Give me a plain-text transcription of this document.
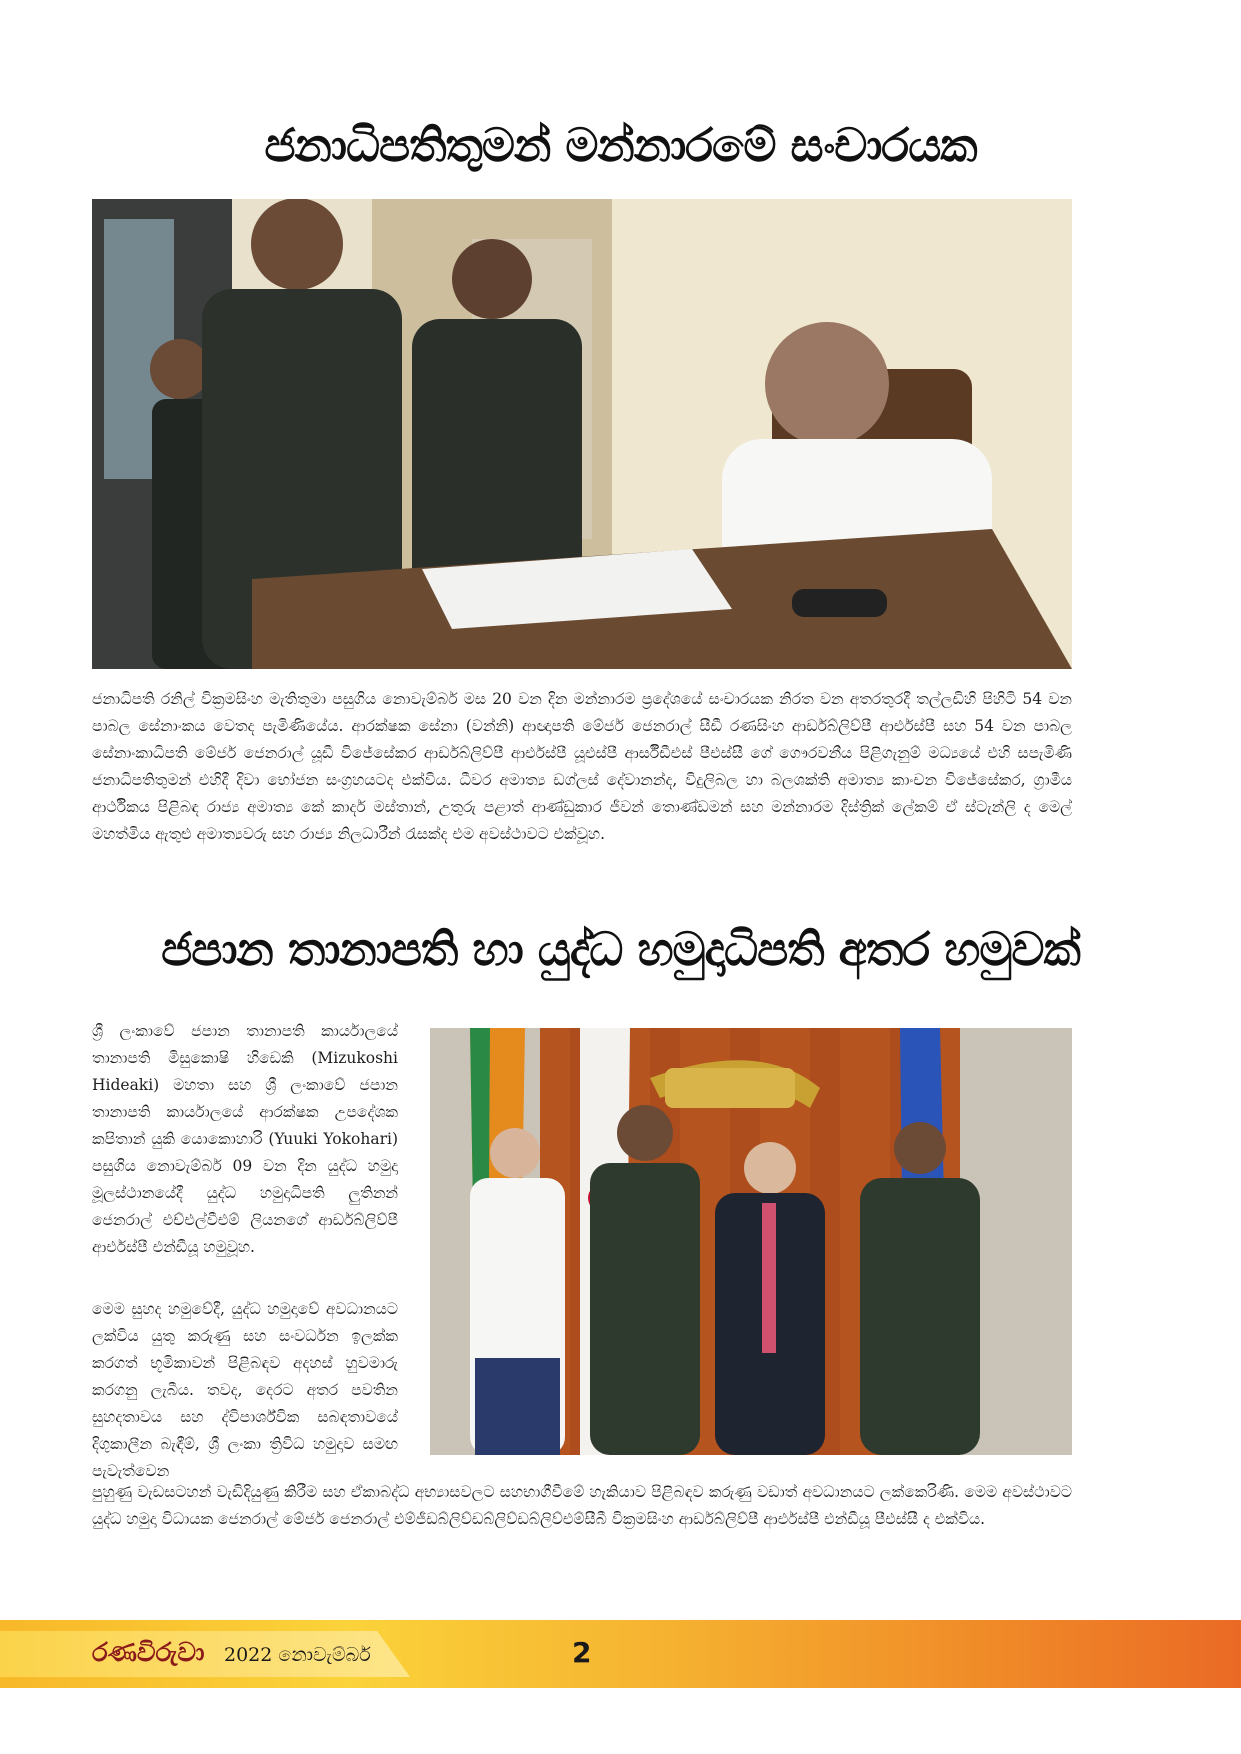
ජනාධිපතිතුමන් මන්නාරමේ සංචාරයක

ජනාධිපති රනිල් වික්‍රමසිංහ මැතිතුමා පසුගිය නොවැම්බර් මස 20 වන දින මන්නාරම ප්‍රදේශයේ සංචාරයක නිරත වන අතරතුරදී තල්ලඩිහි පිහිටි 54 වන පාබල සේනාංකය වෙතද පැමිණියේය. ආරක්ෂක සේනා (වන්නි) ආඥාපති මේජර් ජෙනරාල් සීඩී රණසිංහ ආර්ඩබ්ලිව්පී ආර්එස්පී සහ 54 වන පාබල සේනාංකාධිපති මේජර් ජෙනරාල් යූඩී විජේසේකර ආර්ඩබ්ලිව්පී ආර්එස්පී යූඑස්පී ආර්සීඩීඑස් පීඑස්සී ගේ ගෞරවනීය පිළිගැනුම් මධ්‍යයේ එහි සපැමිණි ජනාධිපතිතුමන් එහිදී දිවා භෝජන සංග්‍රහයටද එක්විය. ධීවර අමාත්‍ය ඩග්ලස් දේවානන්ද, විදුලිබල හා බලශක්ති අමාත්‍ය කාංචන විජේසේකර, ග්‍රාමීය ආර්ථිකය පිළිබඳ රාජ්‍ය අමාත්‍ය කේ කාදර් මස්තාන්, උතුරු පළාත් ආණ්ඩුකාර ජීවන් තොණ්ඩමන් සහ මන්නාරම දිස්ත්‍රික් ලේකම් ඒ ස්ටැන්ලි ද මෙල් මහත්මිය ඇතුළු අමාත්‍යවරු සහ රාජ්‍ය නිලධාරීන් රැසක්ද එම අවස්ථාවට එක්වූහ.

ජපාන තානාපති හා යුද්ධ හමුදාධිපති අතර හමුවක්

ශ්‍රී ලංකාවේ ජපාන තානාපති කාර්යාලයේ තානාපති මිසුකොෂි හිඩෙකි (Mizukoshi Hideaki) මහතා සහ ශ්‍රී ලංකාවේ ජපාන තානාපති කාර්යාලයේ ආරක්ෂක උපදේශක කපිතාන් යුකි යොකොහාරි (Yuuki Yokohari) පසුගිය නොවැම්බර් 09 වන දින යුද්ධ හමුදා මූලස්ථානයේදී යුද්ධ හමුදාධිපති ලුතිනන් ජෙනරාල් එච්එල්වීඑම් ලියනගේ ආර්ඩබ්ලිව්පී ආර්එස්පී එන්ඩීයූ හමුවූහ.

මෙම සුහද හමුවේදී, යුද්ධ හමුදාවේ අවධානයට ලක්විය යුතු කරුණු සහ සංවර්ධන ඉලක්ක කරගත් භූමිකාවන් පිළිබඳව අදහස් හුවමාරු කරගනු ලැබීය. තවද, දෙරට අතර පවතින සුහදතාවය සහ ද්විපාර්ශ්වික සබඳතාවයේ දිගුකාලීන බැඳීම්, ශ්‍රී ලංකා ත්‍රිවිධ හමුදාව සමඟ පැවැත්වෙන

පුහුණු වැඩසටහන් වැඩිදියුණු කිරීම සහ ඒකාබද්ධ අභ්‍යාසවලට සහභාගීවීමේ හැකියාව පිළිබඳව කරුණු වඩාත් අවධානයට ලක්කෙරිණි. මෙම අවස්ථාවට යුද්ධ හමුදා විධායක ජෙනරාල් මේජර් ජෙනරාල් එම්ජීඩබ්ලිව්ඩබ්ලිව්ඩබ්ලිව්එම්සීබී වික්‍රමසිංහ ආර්ඩබ්ලිව්පී ආර්එස්පී එන්ඩීයූ පීඑස්සී ද එක්විය.

රණවිරුවා 2022 නොවැම්බර්	2
